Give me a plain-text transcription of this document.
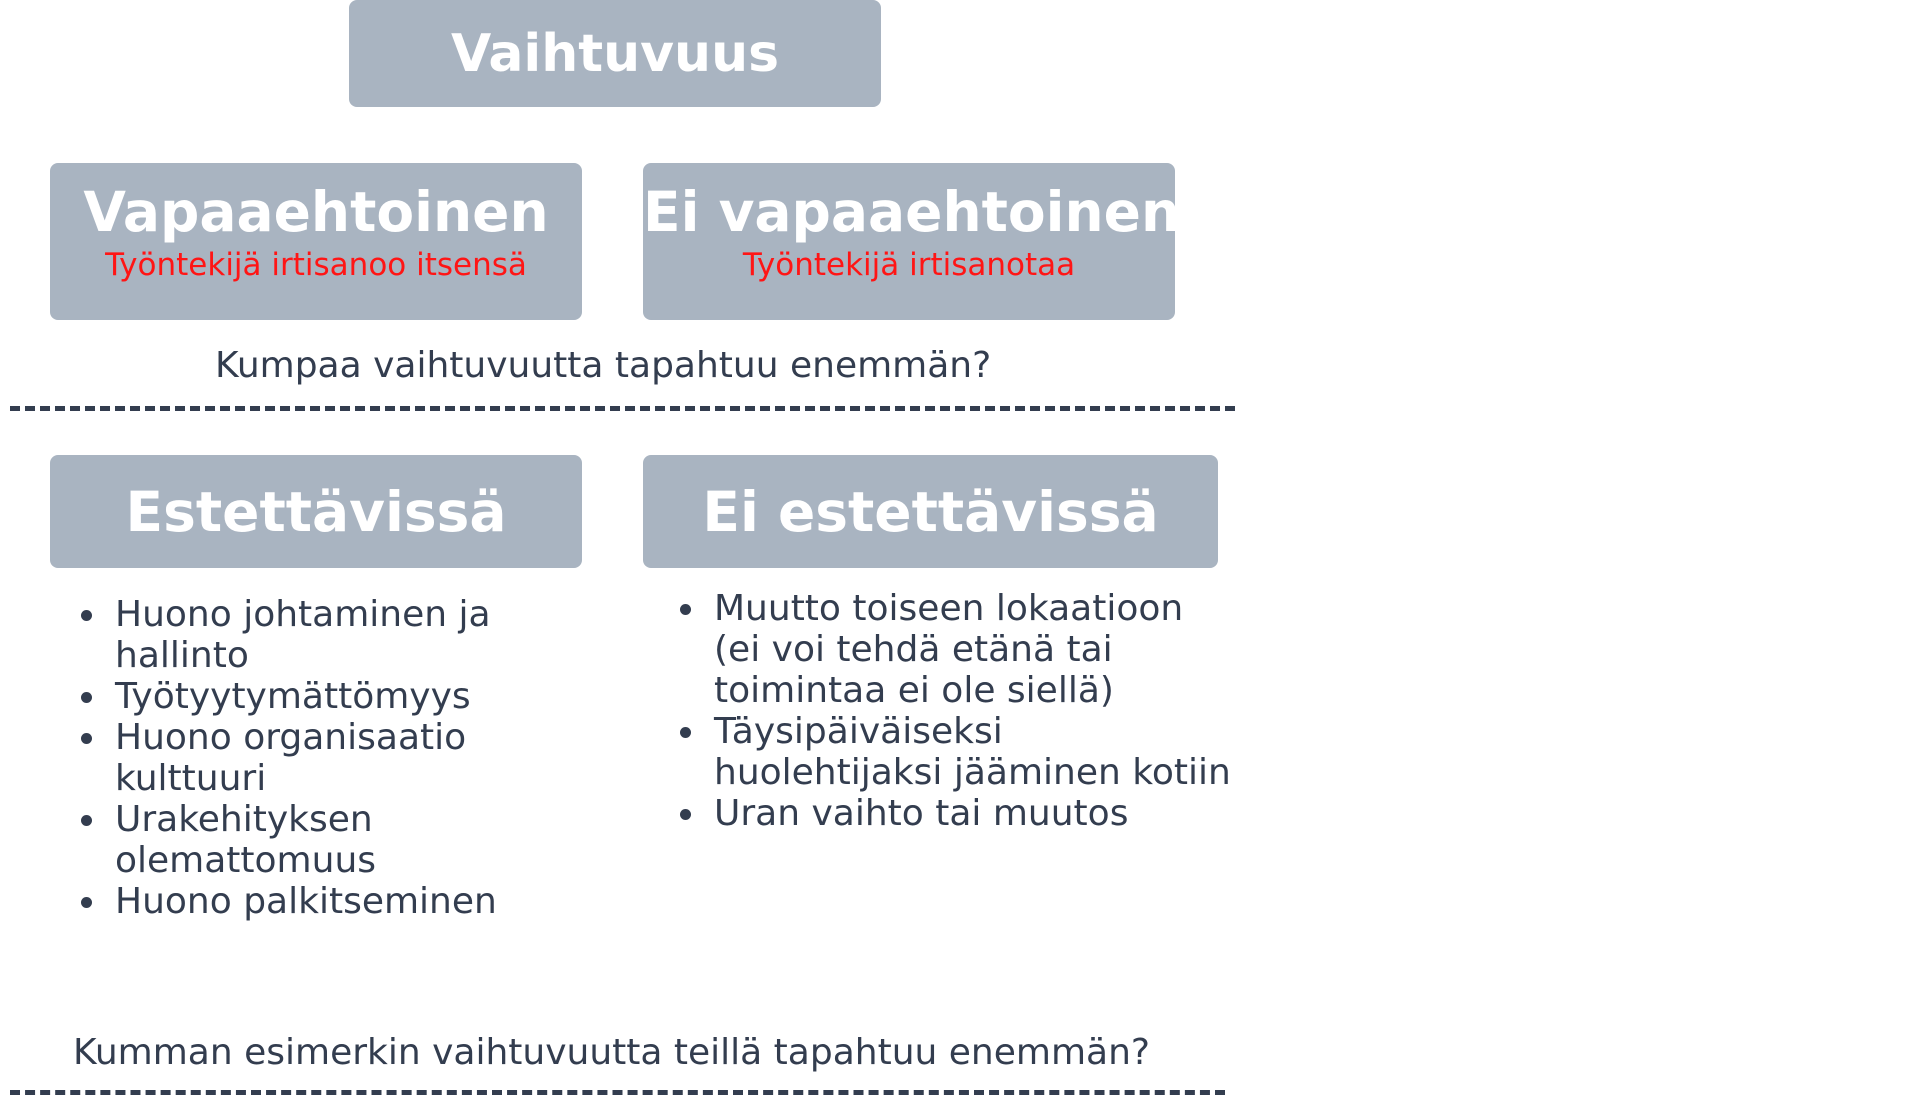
Vaihtuvuus
Vapaaehtoinen
Työntekijä irtisanoo itsensä
Ei vapaaehtoinen
Työntekijä irtisanotaa
Kumpaa vaihtuvuutta tapahtuu enemmän?
Estettävissä	Ei estettävissä
Huono johtaminen ja hallinto
Työtyytymättömyys
Huono organisaatio kulttuuri
Urakehityksen olemattomuus
Huono palkitseminen
Muutto toiseen lokaatioon (ei voi tehdä etänä tai toimintaa ei ole siellä)
Täysipäiväiseksi huolehtijaksi jääminen kotiin
Uran vaihto tai muutos
Kumman esimerkin vaihtuvuutta teillä tapahtuu enemmän?
